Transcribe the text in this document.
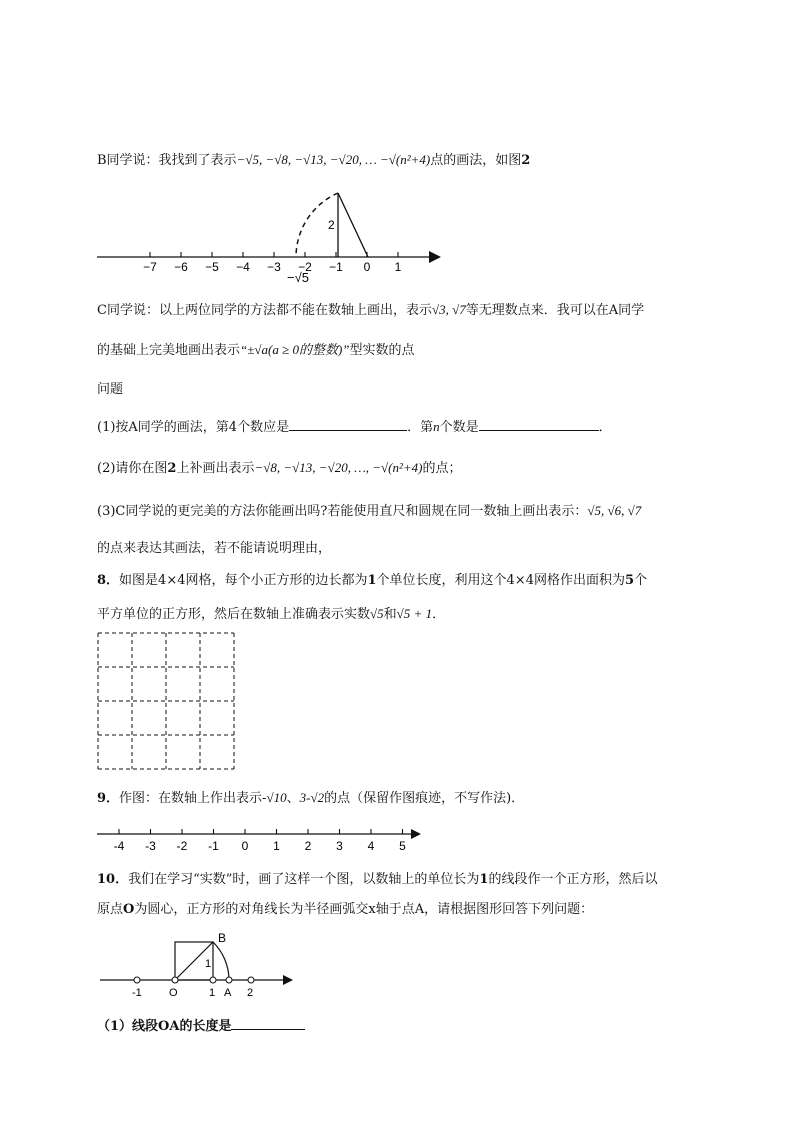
B同学说：我找到了表示−√5, −√8, −√13, −√20, … −√(n²+4)点的画法，如图2
−7 −6 −5 −4 −3 −2 −1 0 1
2
−√5
C同学说：以上两位同学的方法都不能在数轴上画出，表示√3, √7等无理数点来．我可以在A同学
的基础上完美地画出表示“±√a(a ≥ 0的整数)”型实数的点
问题
(1)按A同学的画法，第4个数应是	．第n个数是	．
(2)请你在图2上补画出表示−√8, −√13, −√20, …, −√(n²+4)的点；
(3)C同学说的更完美的方法你能画出吗?若能使用直尺和圆规在同一数轴上画出表示：√5, √6, √7
的点来表达其画法，若不能请说明理由，
8．如图是4×4网格，每个小正方形的边长都为1个单位长度，利用这个4×4网格作出面积为5个
平方单位的正方形，然后在数轴上准确表示实数√5和√5 + 1．
9．作图：在数轴上作出表示-√10、3-√2的点（保留作图痕迹，不写作法)．
-4 -3 -2 -1 0 1 2 3 4 5
10．我们在学习“实数”时，画了这样一个图，以数轴上的单位长为1的线段作一个正方形，然后以
原点O为圆心，正方形的对角线长为半径画弧交x轴于点A，请根据图形回答下列问题：
-1 O	1 A 2
B
1
（1）线段OA的长度是
